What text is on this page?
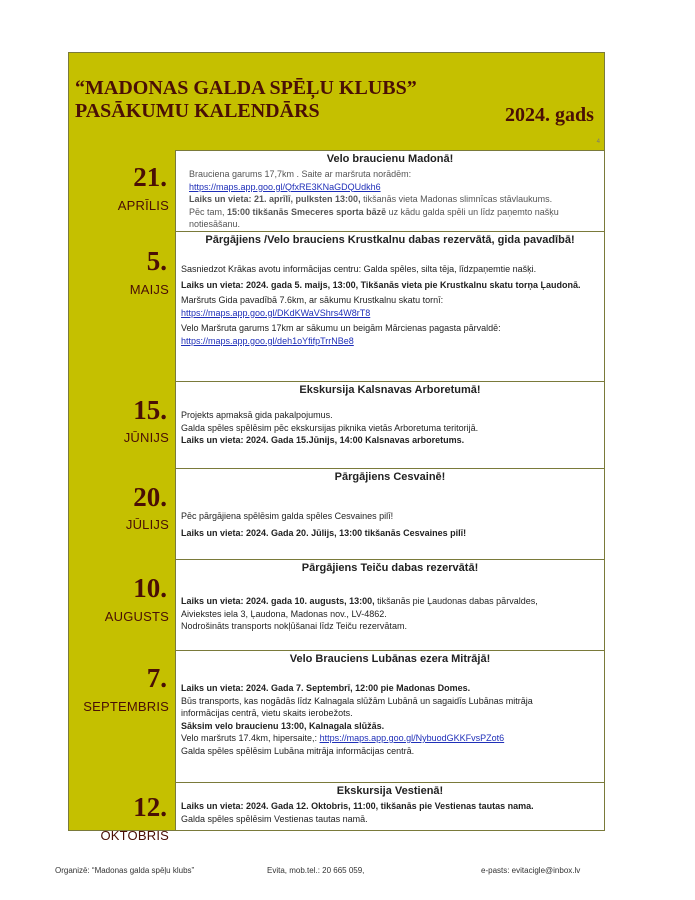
“MADONAS GALDA SPĒĻU KLUBS”
PASĀKUMU KALENDĀRS	2024. gads
4
21.
APRĪLIS
Velo braucienu Madonā!
Brauciena garums 17,7km . Saite ar maršruta norādēm:
https://maps.app.goo.gl/QfxRE3KNaGDQUdkh6
Laiks un vieta: 21. aprīlī, pulksten 13:00, tikšanās vieta Madonas slimnīcas stāvlaukums.
Pēc tam, 15:00 tikšanās Smeceres sporta bāzē uz kādu galda spēli un līdz paņemto našķu
notiesāšanu.
5.
MAIJS
Pārgājiens /Velo brauciens Krustkalnu dabas rezervātā, gida pavadībā!
Sasniedzot Krākas avotu informācijas centru: Galda spēles, silta tēja, līdzpaņemtie našķi.
Laiks un vieta: 2024. gada 5. maijs, 13:00, Tikšanās vieta pie Krustkalnu skatu torņa Ļaudonā.
Maršruts Gida pavadībā 7.6km, ar sākumu Krustkalnu skatu tornī:
https://maps.app.goo.gl/DKdKWaVShrs4W8rT8
Velo Maršruta garums 17km ar sākumu un beigām Mārcienas pagasta pārvaldē:
https://maps.app.goo.gl/deh1oYfifpTrrNBe8
15.
JŪNIJS
Ekskursija Kalsnavas Arboretumā!
Projekts apmaksā gida pakalpojumus.
Galda spēles spēlēsim pēc ekskursijas piknika vietās Arboretuma teritorijā.
Laiks un vieta: 2024. Gada 15.Jūnijs, 14:00 Kalsnavas arboretums.
20.
JŪLIJS
Pārgājiens Cesvainē!
Pēc pārgājiena spēlēsim galda spēles Cesvaines pilī!
Laiks un vieta: 2024. Gada 20. Jūlijs, 13:00 tikšanās Cesvaines pilī!
10.
AUGUSTS
Pārgājiens Teiču dabas rezervātā!
Laiks un vieta: 2024. gada 10. augusts, 13:00, tikšanās pie Ļaudonas dabas pārvaldes,
Aiviekstes iela 3, Ļaudona, Madonas nov., LV-4862.
Nodrošināts transports nokļūšanai līdz Teiču rezervātam.
7.
SEPTEMBRIS
Velo Brauciens Lubānas ezera Mitrājā!
Laiks un vieta: 2024. Gada 7. Septembrī, 12:00 pie Madonas Domes.
Būs transports, kas nogādās līdz Kalnagala slūžām Lubānā un sagaidīs Lubānas mitrāja
informācijas centrā, vietu skaits ierobežots.
Sāksim velo braucienu 13:00, Kalnagala slūžās.
Velo maršruts 17.4km, hipersaite,: https://maps.app.goo.gl/NybuodGKKFvsPZot6
Galda spēles spēlēsim Lubāna mitrāja informācijas centrā.
12.
OKTOBRIS
Ekskursija Vestienā!
Laiks un vieta: 2024. Gada 12. Oktobris, 11:00, tikšanās pie Vestienas tautas nama.
Galda spēles spēlēsim Vestienas tautas namā.
Organizē: “Madonas galda spēļu klubs”	Evita, mob.tel.: 20 665 059,	e-pasts: evitacigle@inbox.lv
